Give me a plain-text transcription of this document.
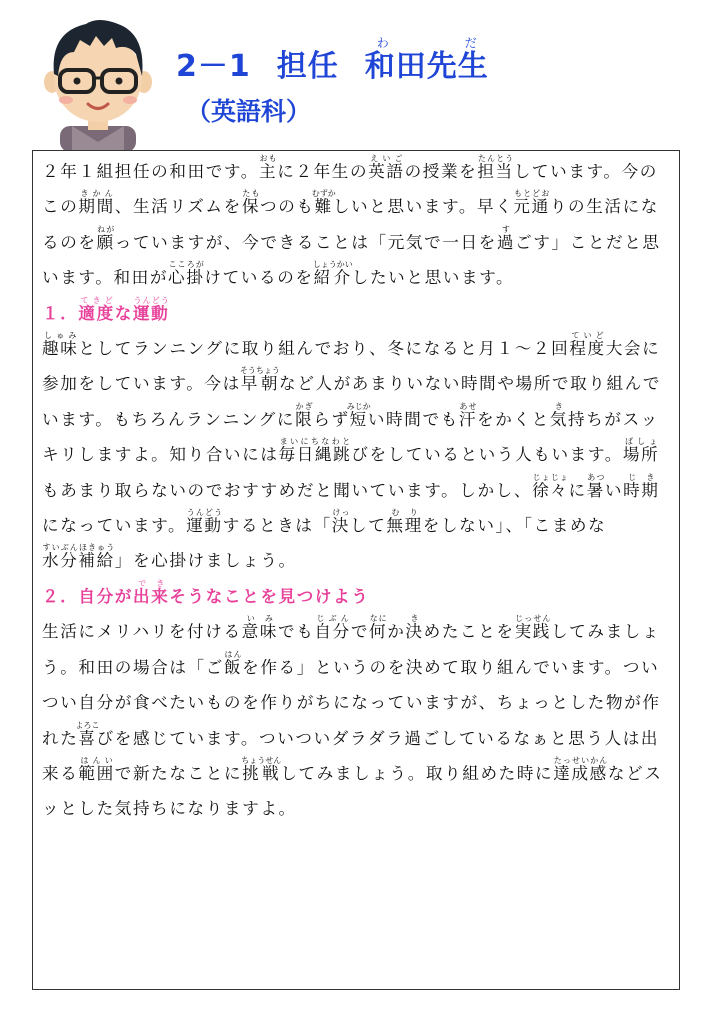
2－1 担任 和田先生わだ
（英語科）

２年１組担任の和田です。主おもに２年生の英語えいごの授業を担当たんとうしています。今のこの期間きかん、生活リズムを保たもつのも難むずかしいと思います。早く元通もとどおりの生活になるのを願ねがっていますが、今できることは「元気で一日を過すごす」ことだと思います。和田が心掛こころがけているのを紹介しょうかいしたいと思います。

１．適度てきどな運動うんどう

趣味しゅみとしてランニングに取り組んでおり、冬になると月１～２回程度ていど大会に参加をしています。今は早朝そうちょうなど人があまりいない時間や場所で取り組んでいます。もちろんランニングに限かぎらず短みじかい時間でも汗あせをかくと気き持ちがスッキリしますよ。知り合いには毎日縄跳まいにちなわとびをしているという人もいます。場所ばしょもあまり取らないのでおすすめだと聞いています。しかし、徐々じょじょに暑あつい時期じきになっています。運動うんどうするときは「決けっして無理むりをしない」、「こまめな水分補給すいぶんほきゅう」を心掛けましょう。

２．自分が出来できそうなことを見つけよう

生活にメリハリを付ける意味いみでも自分じぶんで何なにか決きめたことを実践じっせんしてみましょう。和田の場合は「ご飯はんを作る」というのを決めて取り組んでいます。ついつい自分が食べたいものを作りがちになっていますが、ちょっとした物が作れた喜よろこびを感じています。ついついダラダラ過ごしているなぁと思う人は出来る範囲はんいで新たなことに挑戦ちょうせんしてみましょう。取り組めた時に達成感たっせいかんなどスッとした気持ちになりますよ。
